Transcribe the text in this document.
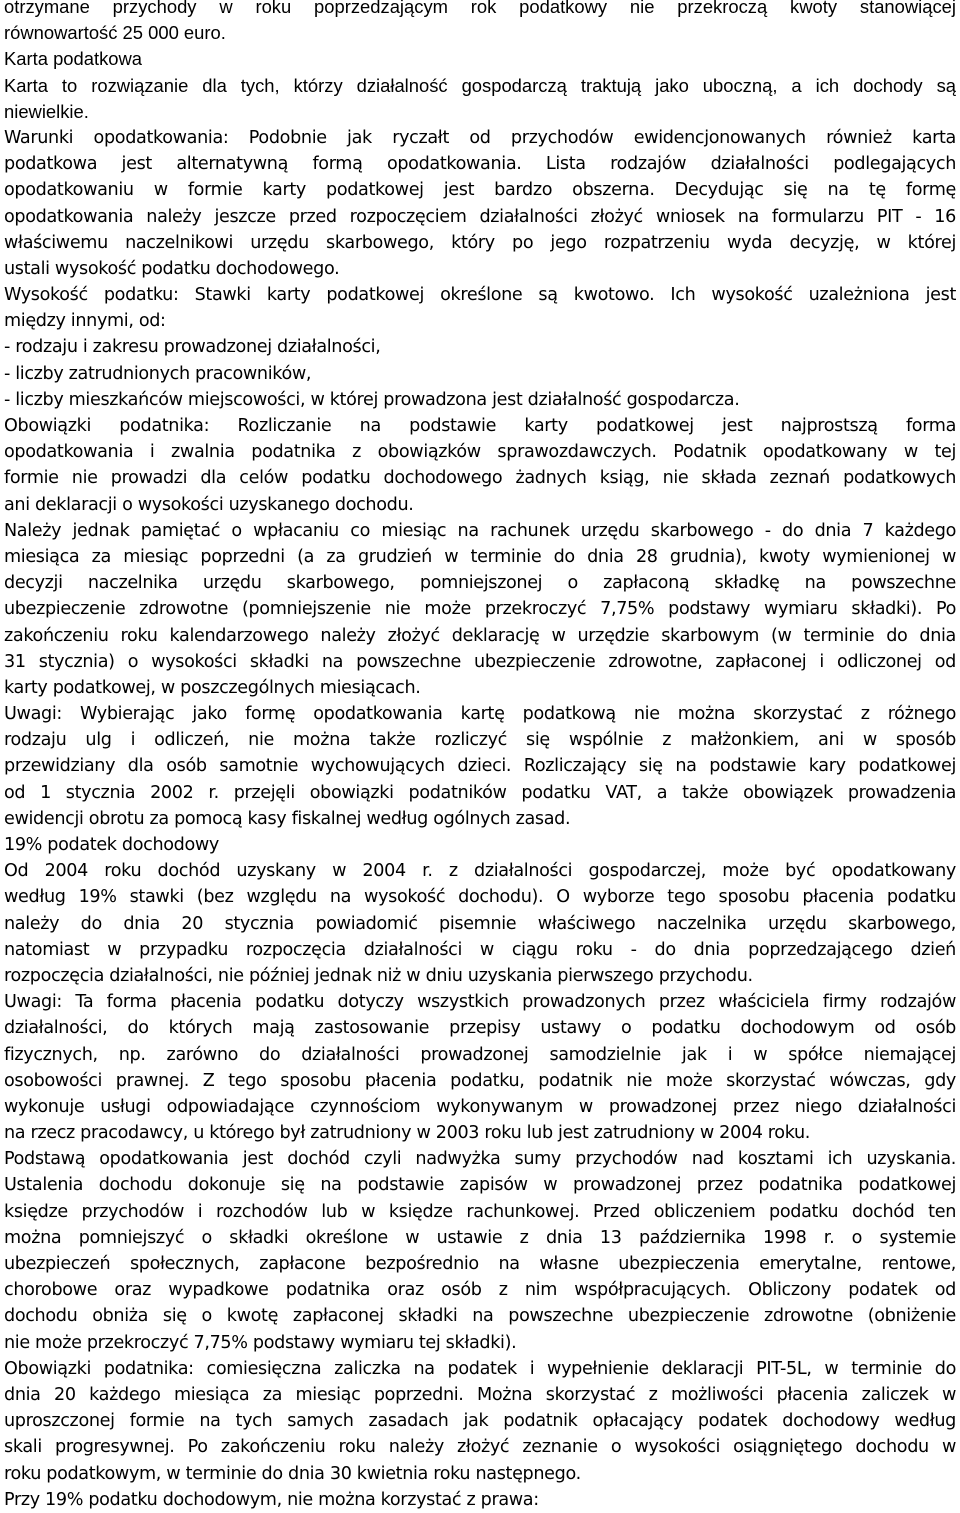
otrzymane przychody w roku poprzedzającym rok podatkowy nie przekroczą kwoty stanowiącej
równowartość 25 000 euro.
Karta podatkowa
Karta to rozwiązanie dla tych, którzy działalność gospodarczą traktują jako uboczną, a ich dochody są
niewielkie.
Warunki opodatkowania: Podobnie jak ryczałt od przychodów ewidencjonowanych również karta
podatkowa jest alternatywną formą opodatkowania. Lista rodzajów działalności podlegających
opodatkowaniu w formie karty podatkowej jest bardzo obszerna. Decydując się na tę formę
opodatkowania należy jeszcze przed rozpoczęciem działalności złożyć wniosek na formularzu PIT - 16
właściwemu naczelnikowi urzędu skarbowego, który po jego rozpatrzeniu wyda decyzję, w której
ustali wysokość podatku dochodowego.
Wysokość podatku: Stawki karty podatkowej określone są kwotowo. Ich wysokość uzależniona jest
między innymi, od:
- rodzaju i zakresu prowadzonej działalności,
- liczby zatrudnionych pracowników,
- liczby mieszkańców miejscowości, w której prowadzona jest działalność gospodarcza.
Obowiązki podatnika: Rozliczanie na podstawie karty podatkowej jest najprostszą forma
opodatkowania i zwalnia podatnika z obowiązków sprawozdawczych. Podatnik opodatkowany w tej
formie nie prowadzi dla celów podatku dochodowego żadnych ksiąg, nie składa zeznań podatkowych
ani deklaracji o wysokości uzyskanego dochodu.
Należy jednak pamiętać o wpłacaniu co miesiąc na rachunek urzędu skarbowego - do dnia 7 każdego
miesiąca za miesiąc poprzedni (a za grudzień w terminie do dnia 28 grudnia), kwoty wymienionej w
decyzji naczelnika urzędu skarbowego, pomniejszonej o zapłaconą składkę na powszechne
ubezpieczenie zdrowotne (pomniejszenie nie może przekroczyć 7,75% podstawy wymiaru składki). Po
zakończeniu roku kalendarzowego należy złożyć deklarację w urzędzie skarbowym (w terminie do dnia
31 stycznia) o wysokości składki na powszechne ubezpieczenie zdrowotne, zapłaconej i odliczonej od
karty podatkowej, w poszczególnych miesiącach.
Uwagi: Wybierając jako formę opodatkowania kartę podatkową nie można skorzystać z różnego
rodzaju ulg i odliczeń, nie można także rozliczyć się wspólnie z małżonkiem, ani w sposób
przewidziany dla osób samotnie wychowujących dzieci. Rozliczający się na podstawie kary podatkowej
od 1 stycznia 2002 r. przejęli obowiązki podatników podatku VAT, a także obowiązek prowadzenia
ewidencji obrotu za pomocą kasy fiskalnej według ogólnych zasad.
19% podatek dochodowy
Od 2004 roku dochód uzyskany w 2004 r. z działalności gospodarczej, może być opodatkowany
według 19% stawki (bez względu na wysokość dochodu). O wyborze tego sposobu płacenia podatku
należy do dnia 20 stycznia powiadomić pisemnie właściwego naczelnika urzędu skarbowego,
natomiast w przypadku rozpoczęcia działalności w ciągu roku - do dnia poprzedzającego dzień
rozpoczęcia działalności, nie później jednak niż w dniu uzyskania pierwszego przychodu.
Uwagi: Ta forma płacenia podatku dotyczy wszystkich prowadzonych przez właściciela firmy rodzajów
działalności, do których mają zastosowanie przepisy ustawy o podatku dochodowym od osób
fizycznych, np. zarówno do działalności prowadzonej samodzielnie jak i w spółce niemającej
osobowości prawnej. Z tego sposobu płacenia podatku, podatnik nie może skorzystać wówczas, gdy
wykonuje usługi odpowiadające czynnościom wykonywanym w prowadzonej przez niego działalności
na rzecz pracodawcy, u którego był zatrudniony w 2003 roku lub jest zatrudniony w 2004 roku.
Podstawą opodatkowania jest dochód czyli nadwyżka sumy przychodów nad kosztami ich uzyskania.
Ustalenia dochodu dokonuje się na podstawie zapisów w prowadzonej przez podatnika podatkowej
księdze przychodów i rozchodów lub w księdze rachunkowej. Przed obliczeniem podatku dochód ten
można pomniejszyć o składki określone w ustawie z dnia 13 października 1998 r. o systemie
ubezpieczeń społecznych, zapłacone bezpośrednio na własne ubezpieczenia emerytalne, rentowe,
chorobowe oraz wypadkowe podatnika oraz osób z nim współpracujących. Obliczony podatek od
dochodu obniża się o kwotę zapłaconej składki na powszechne ubezpieczenie zdrowotne (obniżenie
nie może przekroczyć 7,75% podstawy wymiaru tej składki).
Obowiązki podatnika: comiesięczna zaliczka na podatek i wypełnienie deklaracji PIT-5L, w terminie do
dnia 20 każdego miesiąca za miesiąc poprzedni. Można skorzystać z możliwości płacenia zaliczek w
uproszczonej formie na tych samych zasadach jak podatnik opłacający podatek dochodowy według
skali progresywnej. Po zakończeniu roku należy złożyć zeznanie o wysokości osiągniętego dochodu w
roku podatkowym, w terminie do dnia 30 kwietnia roku następnego.
Przy 19% podatku dochodowym, nie można korzystać z prawa:
